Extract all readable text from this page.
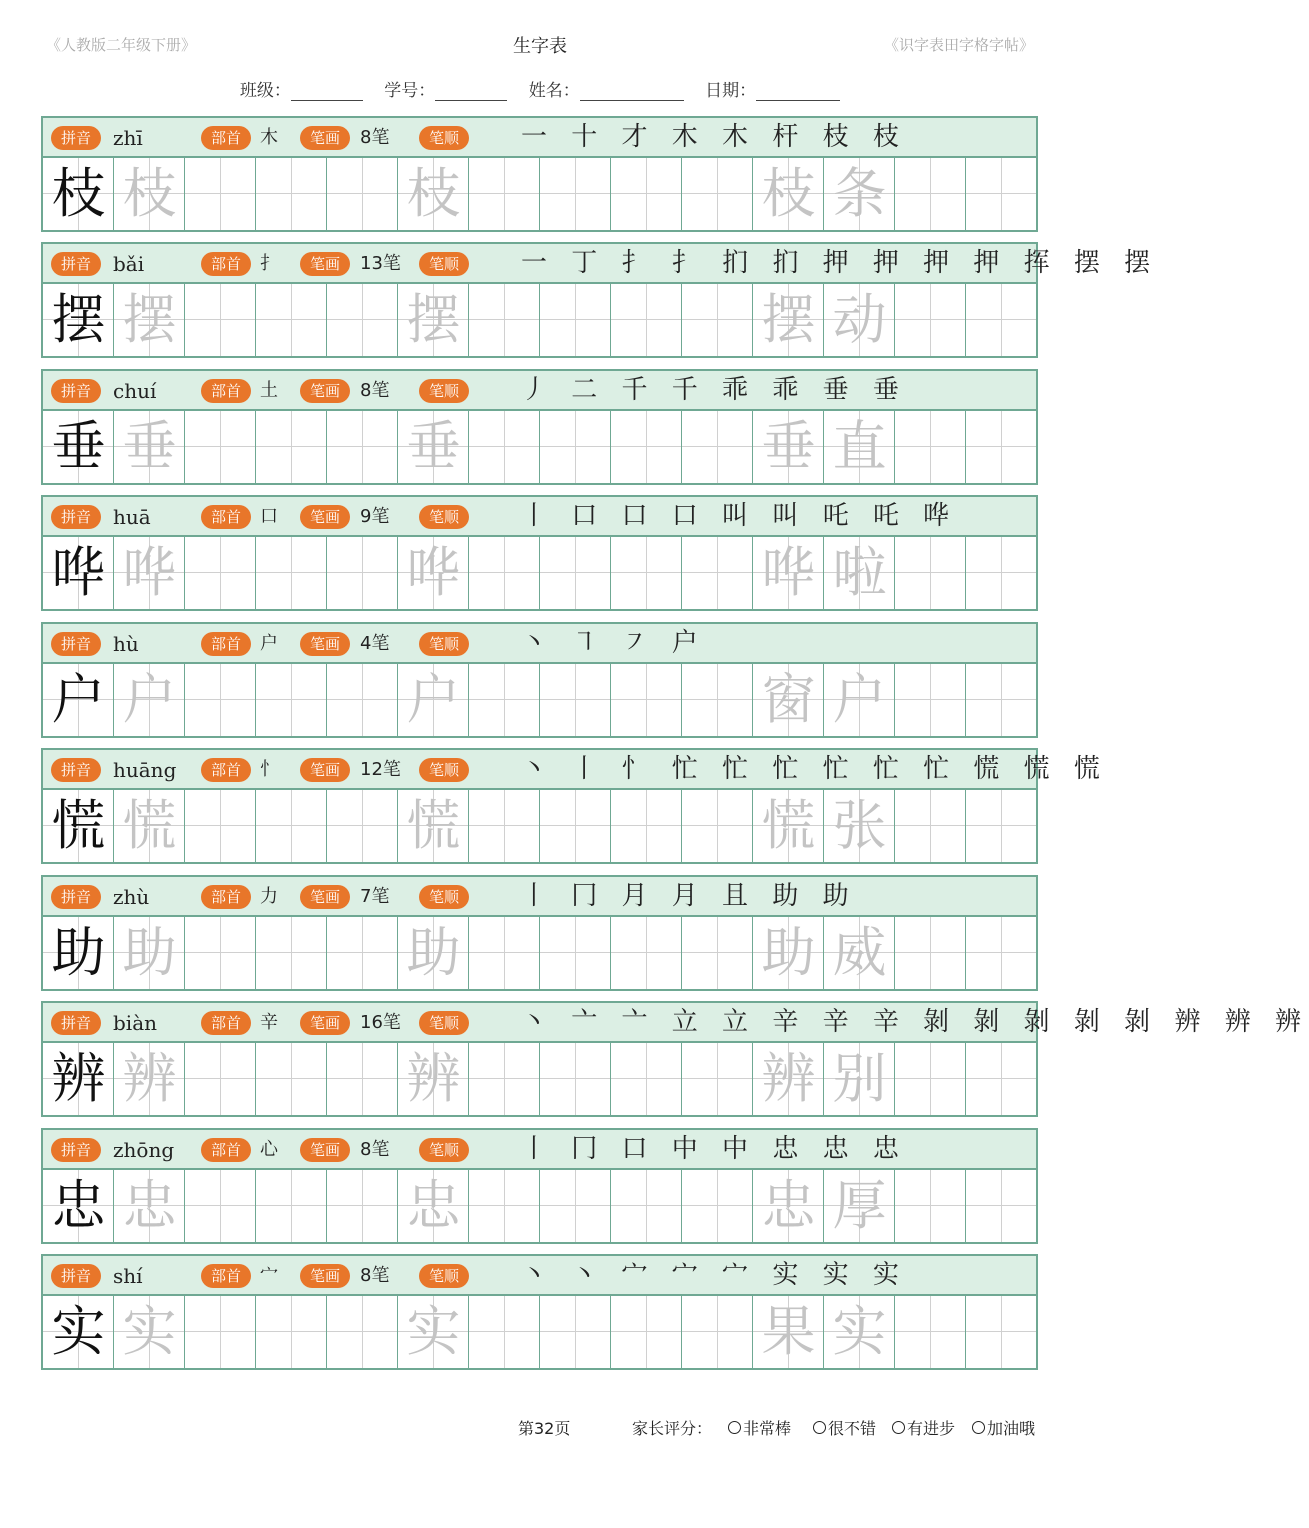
《人教版二年级下册》	生字表	《识字表田字格字帖》
班级：	学号：	姓名：	日期：
拼音	zhī	部首	木	笔画	8笔	笔顺	一 十 才 木 木 杆 枝 枝
枝 枝	枝	枝 条
拼音	bǎi	部首	扌	笔画	13笔	笔顺	一 丁 扌 扌 扪 扪 押 押 押 押 挥 摆 摆
摆 摆	摆	摆 动
拼音	chuí	部首	土	笔画	8笔	笔顺	丿 二 千 千 乖 乖 垂 垂
垂 垂	垂	垂 直
拼音	huā	部首	口	笔画	9笔	笔顺	丨 口 口 口 叫 叫 吒 吒 哗
哗 哗	哗	哗 啦
拼音	hù	部首	户	笔画	4笔	笔顺	丶 ㇕ ㇇ 户
户 户	户	窗 户
拼音	huāng	部首	忄	笔画	12笔	笔顺	丶 丨 忄 忙 忙 忙 忙 忙 忙 慌 慌 慌
慌 慌	慌	慌 张
拼音	zhù	部首	力	笔画	7笔	笔顺	丨 冂 月 月 且 助 助
助 助	助	助 威
拼音	biàn	部首	辛	笔画	16笔	笔顺	丶 亠 亠 立 立 辛 辛 辛 剝 剝 剝 剝 剝 辨 辨 辨
辨 辨	辨	辨 别
拼音	zhōng	部首	心	笔画	8笔	笔顺	丨 冂 口 中 中 忠 忠 忠
忠 忠	忠	忠 厚
拼音	shí	部首	宀	笔画	8笔	笔顺	丶 丶 宀 宀 宀 实 实 实
实 实	实	果 实
第32页	家长评分：	非常棒	很不错	有进步	加油哦
